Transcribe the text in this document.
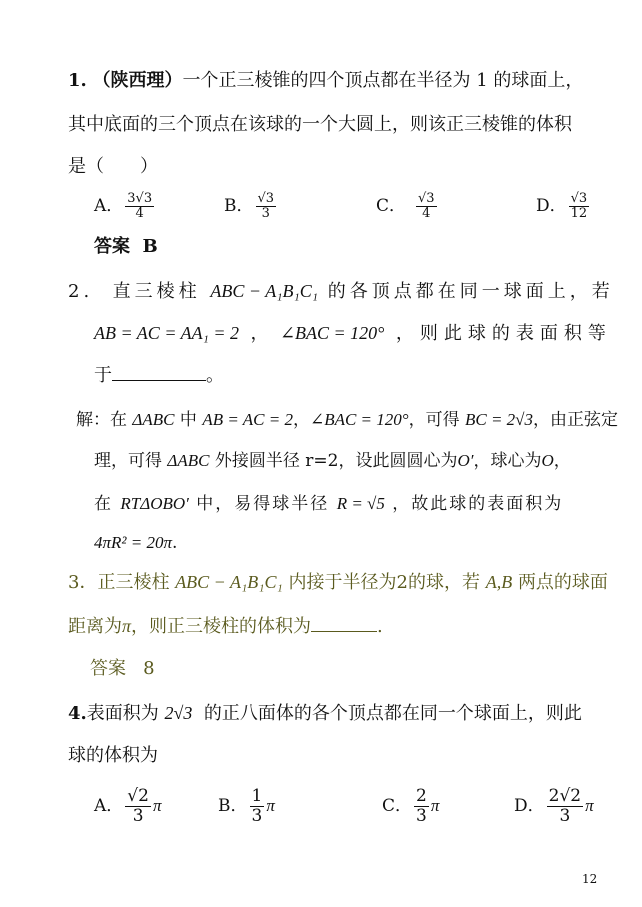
1. （陕西理）一个正三棱锥的四个顶点都在半径为 1 的球面上，
其中底面的三个顶点在该球的一个大圆上，则该正三棱锥的体积
是（　　）
A． $\frac{3√3}{4}$	B． $\frac{√3}{3}$	C． $\frac{√3}{4}$	D． $\frac{√3}{12}$
答案 B
2. 直三棱柱 ABC − A₁B₁C₁ 的各顶点都在同一球面上，若
AB = AC = AA₁ = 2 ， ∠BAC = 120° ，则此球的表面积等
于	。
解：在 ΔABC 中 AB = AC = 2，∠BAC = 120°，可得 BC = 2√3，由正弦定
理，可得 ΔABC 外接圆半径 r=2，设此圆圆心为O′，球心为O，
在 RTΔOBO′ 中，易得球半径 R = √5 ，故此球的表面积为
4πR² = 20π.
3．正三棱柱 ABC − A₁B₁C₁ 内接于半径为2的球，若 A,B 两点的球面
距离为π，则正三棱柱的体积为	.
答案 8
4.表面积为 2√3 的正八面体的各个顶点都在同一个球面上，则此
球的体积为
A． $\frac{√2}{3}$ π	B． $\frac{1}{3}$ π	C． $\frac{2}{3}$ π	D． $\frac{2√2}{3}$ π
12
